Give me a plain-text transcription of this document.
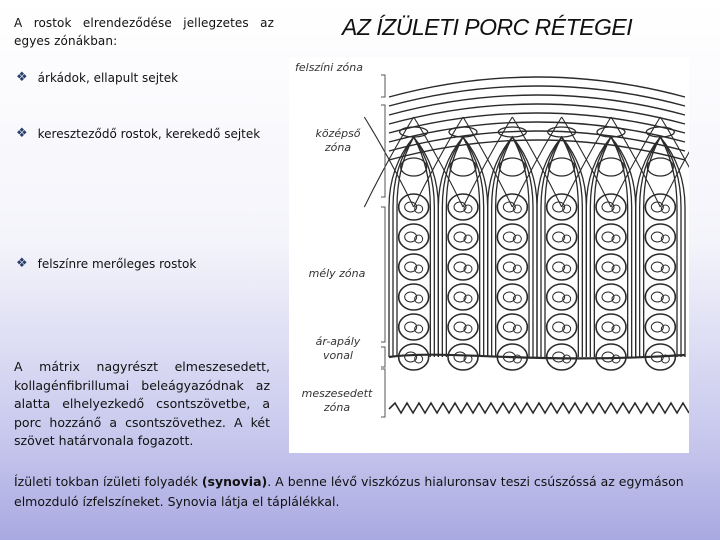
A rostok elrendeződése jellegzetes az egyes zónákban:
AZ ÍZÜLETI PORC RÉTEGEI
❖ árkádok, ellapult sejtek
❖ kereszteződő rostok, kerekedő sejtek
❖ felszínre merőleges rostok
A mátrix nagyrészt elmeszesedett, kollagénfibrillumai beleágyazódnak az alatta elhelyezkedő csontszövetbe, a porc hozzánő a csontszövethez. A két szövet határvonala fogazott.
Ízületi tokban ízületi folyadék (synovia). A benne lévő viszkózus hialuronsav teszi csúszóssá az egymáson elmozduló ízfelszíneket. Synovia látja el táplálékkal.
felszíni zóna
középső
zóna
mély zóna
ár-apály
vonal
meszesedett
zóna
